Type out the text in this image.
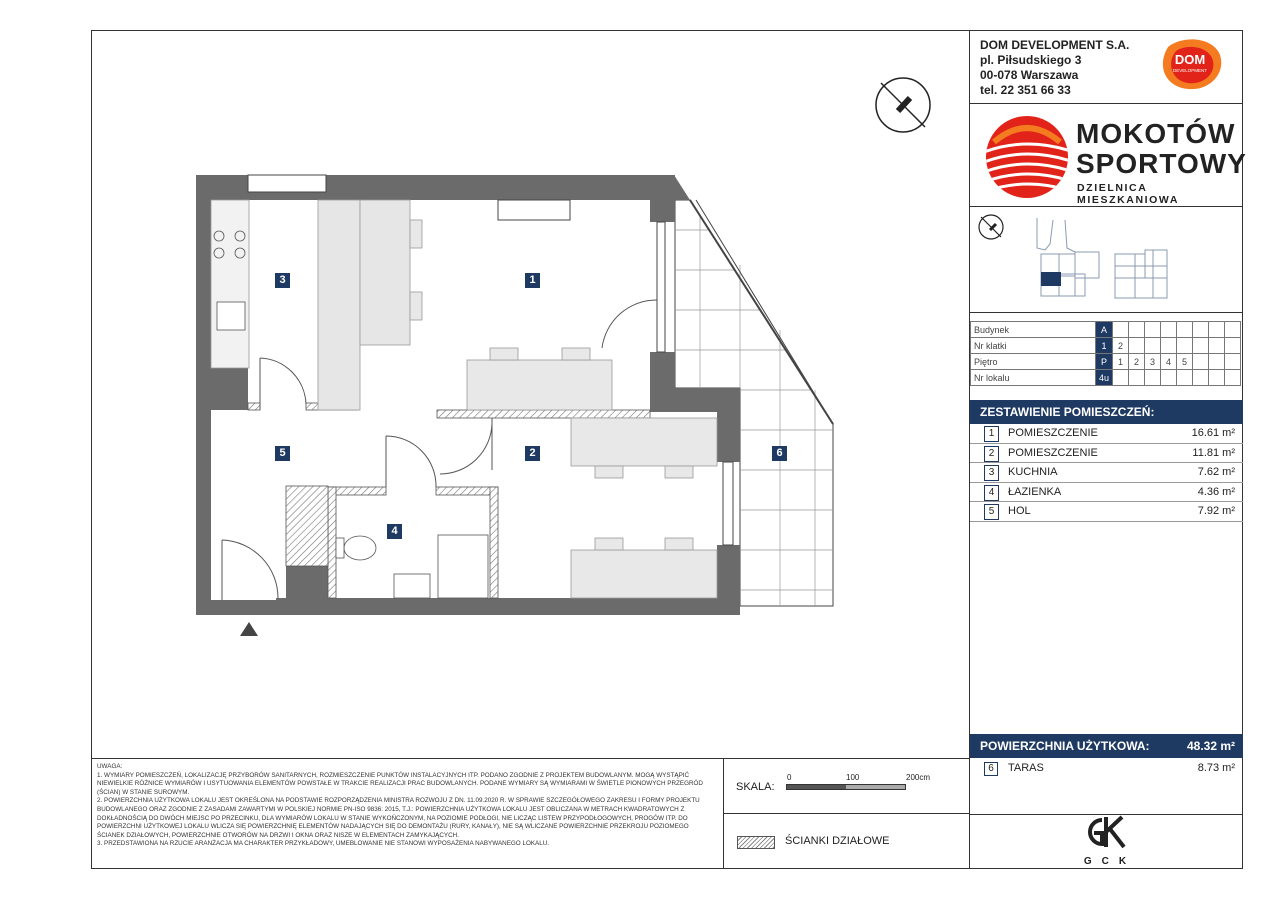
DOM DEVELOPMENT S.A.
pl. Piłsudskiego 3
00-078 Warszawa
tel. 22 351 66 33
DOM
DEVELOPMENT
MOKOTÓW
SPORTOWY
DZIELNICA MIESZKANIOWA
Budynek	A								
Nr klatki	1	2							
Piętro	P	1	2	3	4	5			
Nr lokalu	4u								
ZESTAWIENIE POMIESZCZEŃ:
1	POMIESZCZENIE	16.61 m²
2	POMIESZCZENIE	11.81 m²
3	KUCHNIA	7.62 m²
4	ŁAZIENKA	4.36 m²
5	HOL	7.92 m²
POWIERZCHNIA UŻYTKOWA:	48.32 m²
6	TARAS	8.73 m²
GCK

UWAGA:

1. WYMIARY POMIESZCZEŃ, LOKALIZACJĘ PRZYBORÓW SANITARNYCH, ROZMIESZCZENIE PUNKTÓW INSTALACYJNYCH ITP. PODANO ZGODNIE Z PROJEKTEM BUDOWLANYM. MOGĄ WYSTĄPIĆ NIEWIELKIE RÓŻNICE WYMIARÓW I USYTUOWANIA ELEMENTÓW POWSTAŁE W TRAKCIE REALIZACJI PRAC BUDOWLANYCH. PODANE WYMIARY SĄ WYMIARAMI W ŚWIETLE PIONOWYCH PRZEGRÓD (ŚCIAN) W STANIE SUROWYM.

2. POWIERZCHNIA UŻYTKOWA LOKALU JEST OKREŚLONA NA PODSTAWIE ROZPORZĄDZENIA MINISTRA ROZWOJU Z DN. 11.09.2020 R. W SPRAWIE SZCZEGÓŁOWEGO ZAKRESU I FORMY PROJEKTU BUDOWLANEGO ORAZ ZGODNIE Z ZASADAMI ZAWARTYMI W POLSKIEJ NORMIE PN-ISO 9836: 2015, T.J.: POWIERZCHNIA UŻYTKOWA LOKALU JEST OBLICZANA W METRACH KWADRATOWYCH Z DOKŁADNOŚCIĄ DO DWÓCH MIEJSC PO PRZECINKU, DLA WYMIARÓW LOKALU W STANIE WYKOŃCZONYM, NA POZIOMIE PODŁOGI, NIE LICZĄC LISTEW PRZYPODŁOGOWYCH, PROGÓW ITP. DO POWIERZCHNI UŻYTKOWEJ LOKALU WLICZA SIĘ POWIERZCHNIĘ ELEMENTÓW NADAJĄCYCH SIĘ DO DEMONTAŻU (RURY, KANAŁY), NIE SĄ WLICZANE POWIERZCHNIE PRZEKROJU POZIOMEGO ŚCIANEK DZIAŁOWYCH, POWIERZCHNIE OTWORÓW NA DRZWI I OKNA ORAZ NISZE W ELEMENTACH ZAMYKAJĄCYCH.

3. PRZEDSTAWIONA NA RZUCIE ARANŻACJA MA CHARAKTER PRZYKŁADOWY, UMEBLOWANIE NIE STANOWI WYPOSAŻENIA NABYWANEGO LOKALU.

SKALA:
0	100	200cm
ŚCIANKI DZIAŁOWE
1
2
3
4
5	6
